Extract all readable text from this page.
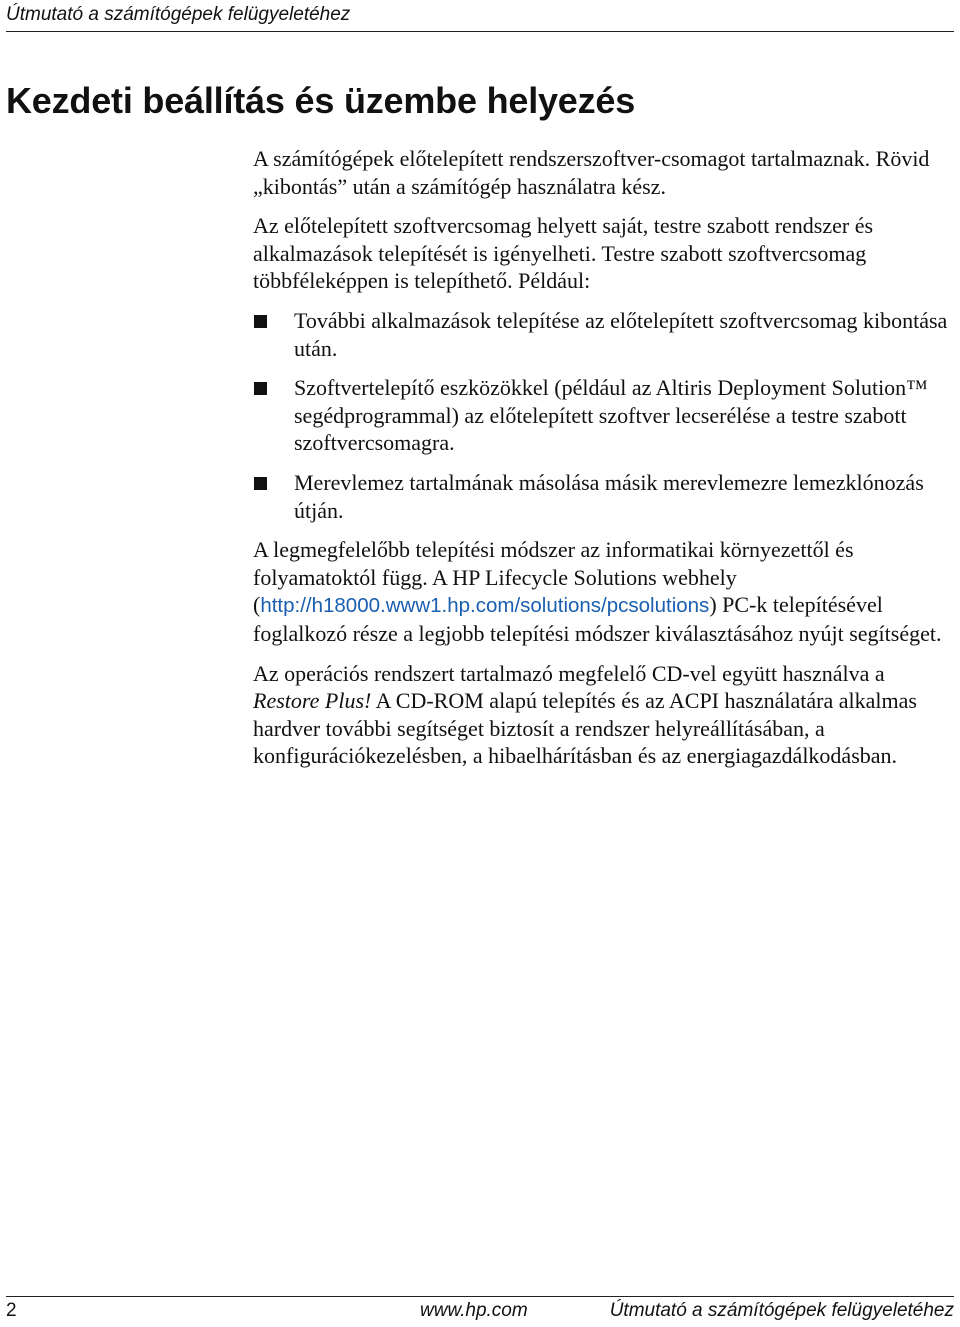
Útmutató a számítógépek felügyeletéhez
Kezdeti beállítás és üzembe helyezés

A számítógépek előtelepített rendszerszoftver-csomagot tartalmaznak. Rövid „kibontás” után a számítógép használatra kész.

Az előtelepített szoftvercsomag helyett saját, testre szabott rendszer és alkalmazások telepítését is igényelheti. Testre szabott szoftvercsomag többféleképpen is telepíthető. Például:

További alkalmazások telepítése az előtelepített szoftvercsomag kibontása után.
Szoftvertelepítő eszközökkel (például az Altiris Deployment Solution™ segédprogrammal) az előtelepített szoftver lecserélése a testre szabott szoftvercsomagra.
Merevlemez tartalmának másolása másik merevlemezre lemezklónozás útján.

A legmegfelelőbb telepítési módszer az informatikai környezettől és folyamatoktól függ. A HP Lifecycle Solutions webhely (http://h18000.www1.hp.com/solutions/pcsolutions) PC-k telepítésével foglalkozó része a legjobb telepítési módszer kiválasztásához nyújt segítséget.

Az operációs rendszert tartalmazó megfelelő CD-vel együtt használva a Restore Plus! A CD-ROM alapú telepítés és az ACPI használatára alkalmas hardver további segítséget biztosít a rendszer helyreállításában, a konfigurációkezelésben, a hibaelhárításban és az energiagazdálkodásban.

2	www.hp.com	Útmutató a számítógépek felügyeletéhez
